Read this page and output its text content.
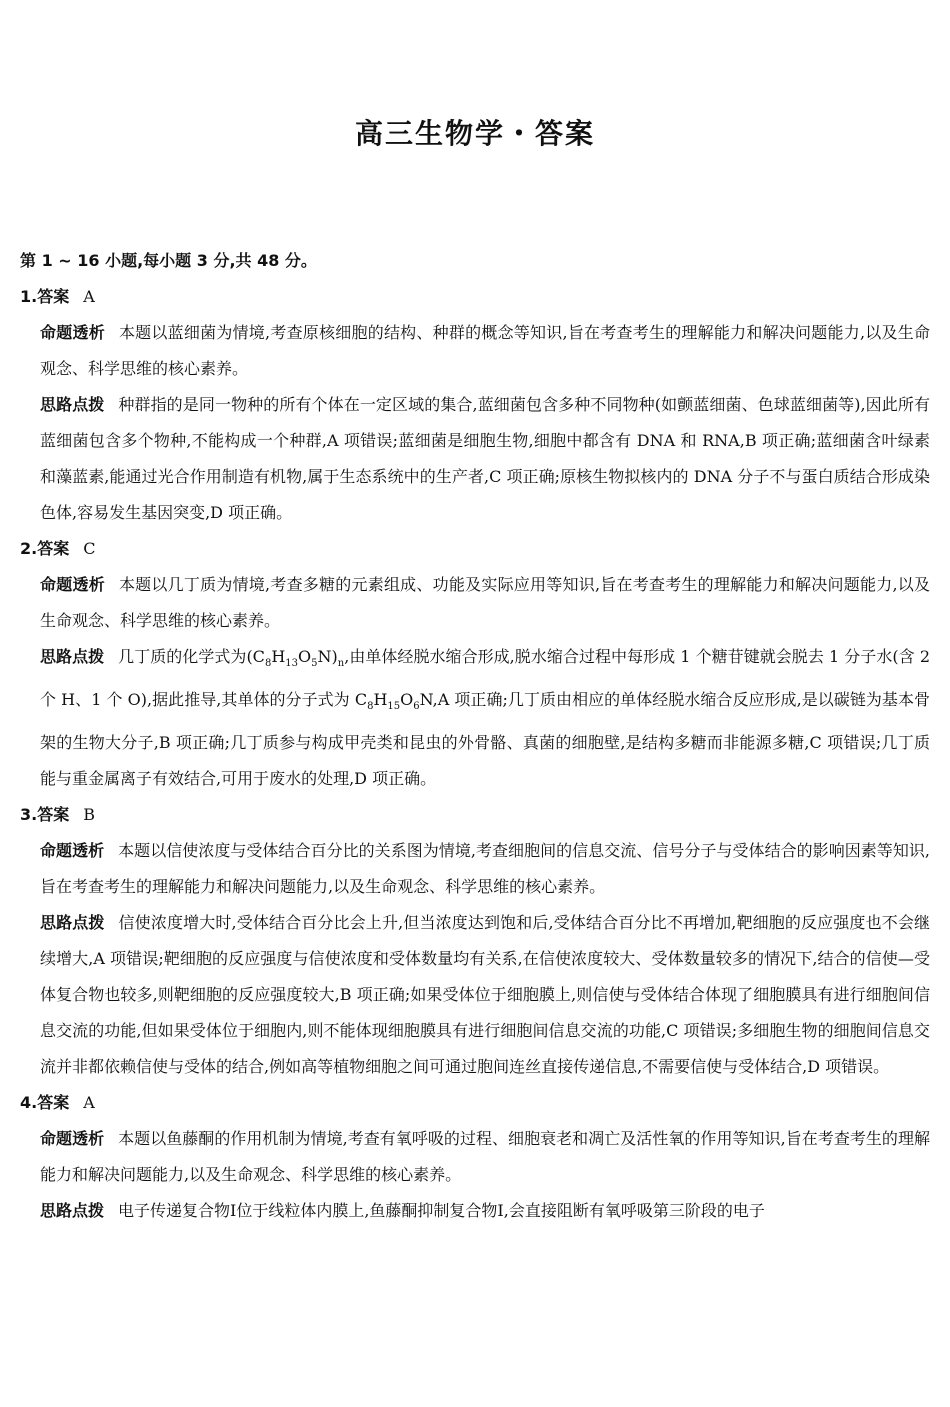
高三生物学・答案
第 1 ~ 16 小题,每小题 3 分,共 48 分。
1.答案 A
命题透析 本题以蓝细菌为情境,考查原核细胞的结构、种群的概念等知识,旨在考查考生的理解能力和解决问题能力,以及生命观念、科学思维的核心素养。
思路点拨 种群指的是同一物种的所有个体在一定区域的集合,蓝细菌包含多种不同物种(如颤蓝细菌、色球蓝细菌等),因此所有蓝细菌包含多个物种,不能构成一个种群,A 项错误;蓝细菌是细胞生物,细胞中都含有 DNA 和 RNA,B 项正确;蓝细菌含叶绿素和藻蓝素,能通过光合作用制造有机物,属于生态系统中的生产者,C 项正确;原核生物拟核内的 DNA 分子不与蛋白质结合形成染色体,容易发生基因突变,D 项正确。
2.答案 C
命题透析 本题以几丁质为情境,考查多糖的元素组成、功能及实际应用等知识,旨在考查考生的理解能力和解决问题能力,以及生命观念、科学思维的核心素养。
思路点拨 几丁质的化学式为$(C_8H_{13}O_5N)_n$,由单体经脱水缩合形成,脱水缩合过程中每形成 1 个糖苷键就会脱去 1 分子水(含 2 个 H、1 个 O),据此推导,其单体的分子式为 $C_8H_{15}O_6N,A$ 项正确;几丁质由相应的单体经脱水缩合反应形成,是以碳链为基本骨架的生物大分子,B 项正确;几丁质参与构成甲壳类和昆虫的外骨骼、真菌的细胞壁,是结构多糖而非能源多糖,C 项错误;几丁质能与重金属离子有效结合,可用于废水的处理,D 项正确。
3.答案 B
命题透析 本题以信使浓度与受体结合百分比的关系图为情境,考查细胞间的信息交流、信号分子与受体结合的影响因素等知识,旨在考查考生的理解能力和解决问题能力,以及生命观念、科学思维的核心素养。
思路点拨 信使浓度增大时,受体结合百分比会上升,但当浓度达到饱和后,受体结合百分比不再增加,靶细胞的反应强度也不会继续增大,A 项错误;靶细胞的反应强度与信使浓度和受体数量均有关系,在信使浓度较大、受体数量较多的情况下,结合的信使—受体复合物也较多,则靶细胞的反应强度较大,B 项正确;如果受体位于细胞膜上,则信使与受体结合体现了细胞膜具有进行细胞间信息交流的功能,但如果受体位于细胞内,则不能体现细胞膜具有进行细胞间信息交流的功能,C 项错误;多细胞生物的细胞间信息交流并非都依赖信使与受体的结合,例如高等植物细胞之间可通过胞间连丝直接传递信息,不需要信使与受体结合,D 项错误。
4.答案 A
命题透析 本题以鱼藤酮的作用机制为情境,考查有氧呼吸的过程、细胞衰老和凋亡及活性氧的作用等知识,旨在考查考生的理解能力和解决问题能力,以及生命观念、科学思维的核心素养。
思路点拨 电子传递复合物Ⅰ位于线粒体内膜上,鱼藤酮抑制复合物Ⅰ,会直接阻断有氧呼吸第三阶段的电子
